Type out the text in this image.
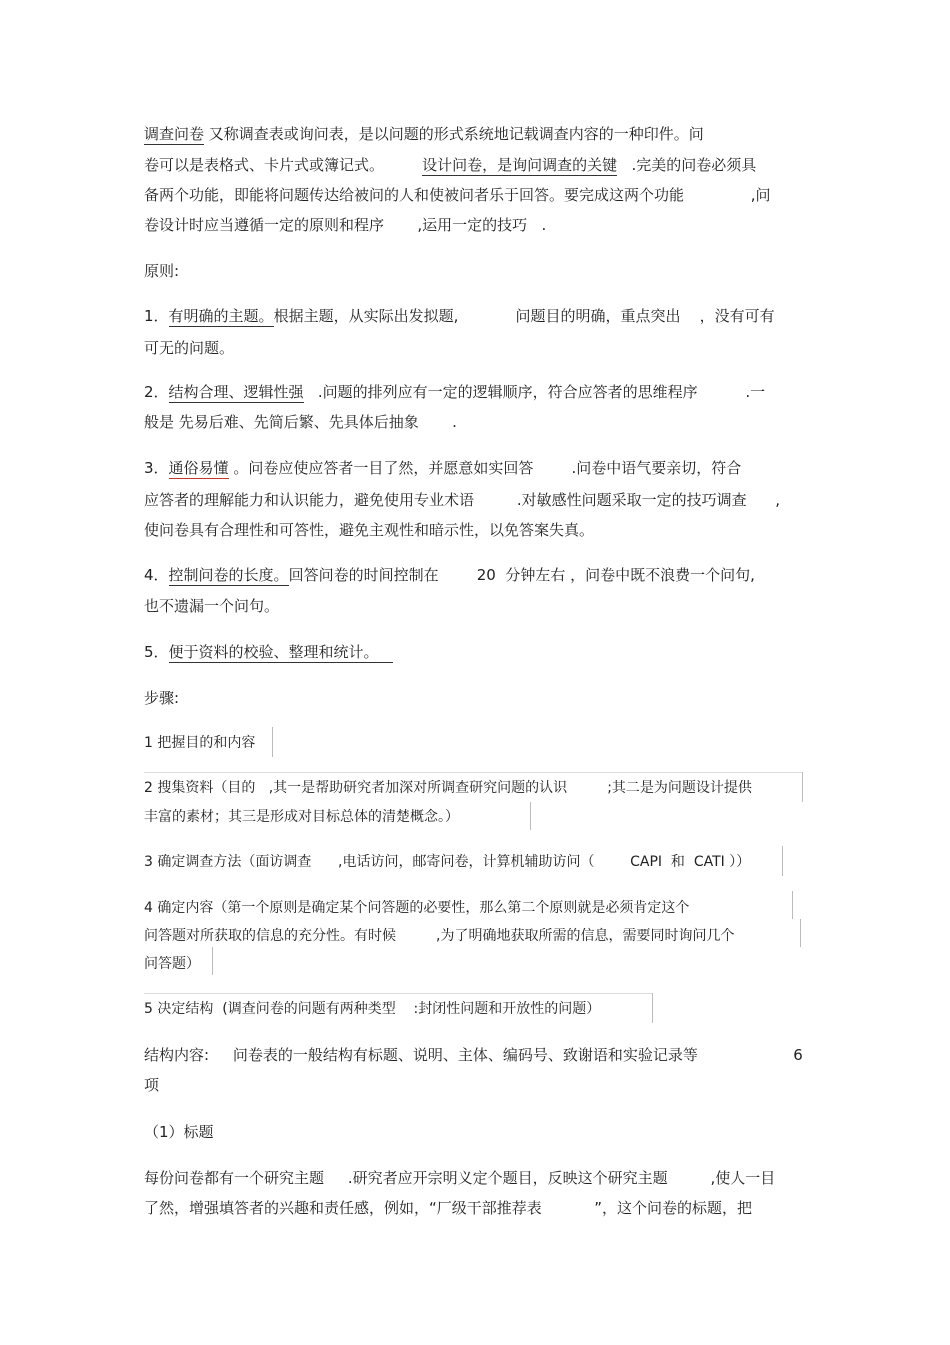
调查问卷 又称调查表或询问表，是以问题的形式系统地记载调查内容的一种印件。问
卷可以是表格式、卡片式或簿记式。        设计问卷，是询问调查的关键   .完美的问卷必须具
备两个功能，即能将问题传达给被问的人和使被问者乐于回答。要完成这两个功能              ,问
卷设计时应当遵循一定的原则和程序       ,运用一定的技巧   .
原则:
1．有明确的主题。根据主题，从实际出发拟题,            问题目的明确，重点突出    ，没有可有
可无的问题。
2．结构合理、逻辑性强   .问题的排列应有一定的逻辑顺序，符合应答者的思维程序          .一
般是 先易后难、先简后繁、先具体后抽象       .
3．通俗易懂 。问卷应使应答者一目了然，并愿意如实回答        .问卷中语气要亲切，符合
应答者的理解能力和认识能力，避免使用专业术语         .对敏感性问题采取一定的技巧调查      ,
使问卷具有合理性和可答性，避免主观性和暗示性，以免答案失真。
4．控制问卷的长度。回答问卷的时间控制在        20  分钟左右 ，问卷中既不浪费一个问句,
也不遗漏一个问句。
5．便于资料的校验、整理和统计。
步骤:
1 把握目的和内容
2 搜集资料（目的   ,其一是帮助研究者加深对所调查研究问题的认识         ;其二是为问题设计提供
丰富的素材；其三是形成对目标总体的清楚概念。）
3 确定调查方法（面访调查      ,电话访问，邮寄问卷，计算机辅助访问（        CAPI  和  CATI ））
4 确定内容（第一个原则是确定某个问答题的必要性，那么第二个原则就是必须肯定这个
问答题对所获取的信息的充分性。有时候         ,为了明确地获取所需的信息，需要同时询问几个
问答题）
5 决定结构  (调查问卷的问题有两种类型    :封闭性问题和开放性的问题）
结构内容:     问卷表的一般结构有标题、说明、主体、编码号、致谢语和实验记录等                    6
项
（1）标题
每份问卷都有一个研究主题     .研究者应开宗明义定个题目，反映这个研究主题         ,使人一目
了然，增强填答者的兴趣和责任感，例如，“厂级干部推荐表           ”，这个问卷的标题，把
